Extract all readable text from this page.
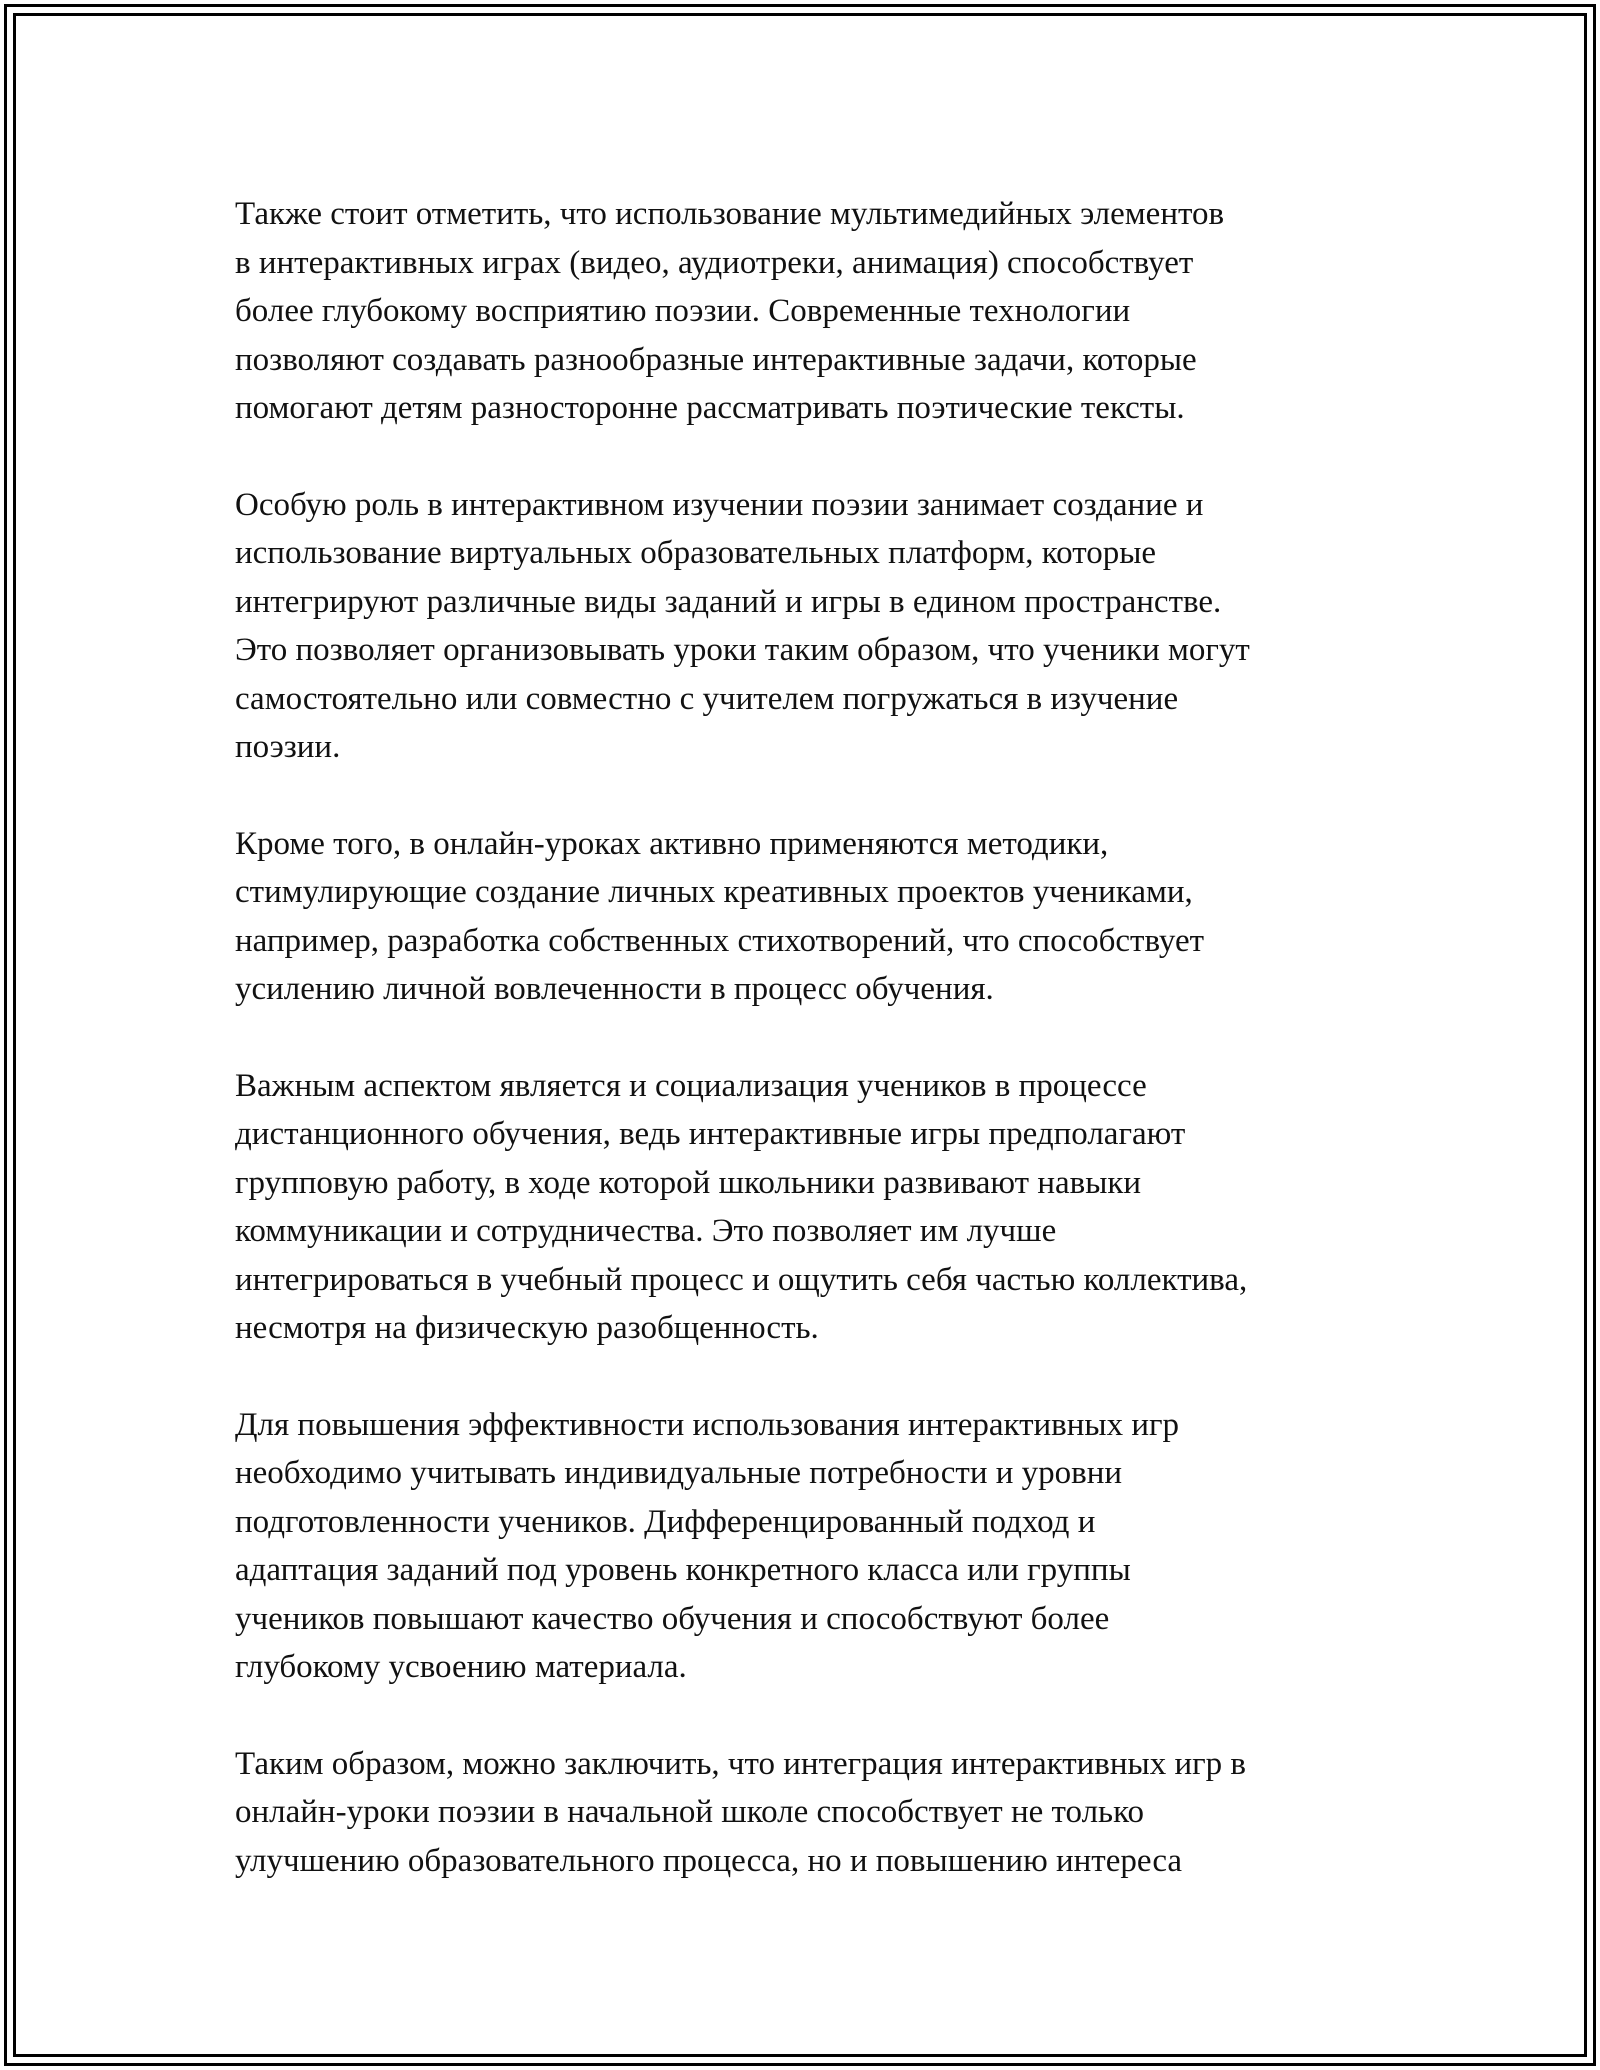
Также стоит отметить, что использование мультимедийных элементов
в интерактивных играх (видео, аудиотреки, анимация) способствует
более глубокому восприятию поэзии. Современные технологии
позволяют создавать разнообразные интерактивные задачи, которые
помогают детям разносторонне рассматривать поэтические тексты.

Особую роль в интерактивном изучении поэзии занимает создание и
использование виртуальных образовательных платформ, которые
интегрируют различные виды заданий и игры в едином пространстве.
Это позволяет организовывать уроки таким образом, что ученики могут
самостоятельно или совместно с учителем погружаться в изучение
поэзии.

Кроме того, в онлайн-уроках активно применяются методики,
стимулирующие создание личных креативных проектов учениками,
например, разработка собственных стихотворений, что способствует
усилению личной вовлеченности в процесс обучения.

Важным аспектом является и социализация учеников в процессе
дистанционного обучения, ведь интерактивные игры предполагают
групповую работу, в ходе которой школьники развивают навыки
коммуникации и сотрудничества. Это позволяет им лучше
интегрироваться в учебный процесс и ощутить себя частью коллектива,
несмотря на физическую разобщенность.

Для повышения эффективности использования интерактивных игр
необходимо учитывать индивидуальные потребности и уровни
подготовленности учеников. Дифференцированный подход и
адаптация заданий под уровень конкретного класса или группы
учеников повышают качество обучения и способствуют более
глубокому усвоению материала.

Таким образом, можно заключить, что интеграция интерактивных игр в
онлайн-уроки поэзии в начальной школе способствует не только
улучшению образовательного процесса, но и повышению интереса
